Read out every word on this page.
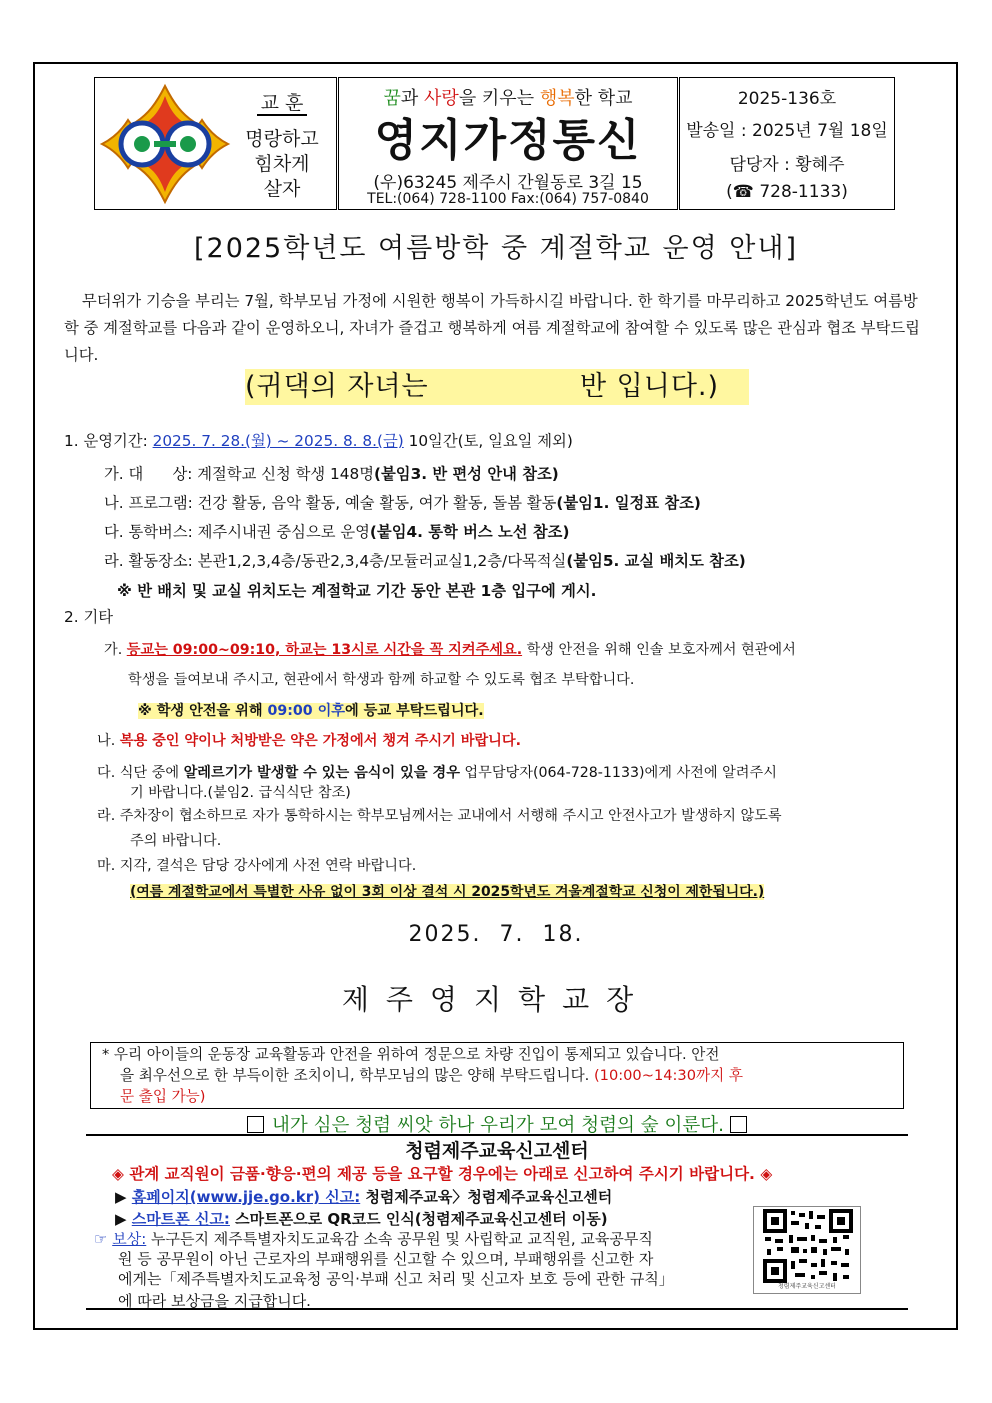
교 훈
명랑하고
힘차게
살자
꿈과 사랑을 키우는 행복한 학교
영지가정통신
(우)63245 제주시 간월동로 3길 15
TEL:(064) 728-1100 Fax:(064) 757-0840
2025-136호
발송일 : 2025년 7월 18일
담당자 : 황혜주
(☎ 728-1133)
[2025학년도 여름방학 중 계절학교 운영 안내]
무더위가 기승을 부리는 7월, 학부모님 가정에 시원한 행복이 가득하시길 바랍니다. 한 학기를 마무리하고 2025학년도 여름방학 중 계절학교를 다음과 같이 운영하오니, 자녀가 즐겁고 행복하게 여름 계절학교에 참여할 수 있도록 많은 관심과 협조 부탁드립니다.
(귀댁의 자녀는	반 입니다.)
1. 운영기간: 2025. 7. 28.(월) ~ 2025. 8. 8.(금) 10일간(토, 일요일 제외)
가. 대      상: 계절학교 신청 학생 148명(붙임3. 반 편성 안내 참조)
나. 프로그램: 건강 활동, 음악 활동, 예술 활동, 여가 활동, 돌봄 활동(붙임1. 일정표 참조)
다. 통학버스: 제주시내권 중심으로 운영(붙임4. 통학 버스 노선 참조)
라. 활동장소: 본관1,2,3,4층/동관2,3,4층/모듈러교실1,2층/다목적실(붙임5. 교실 배치도 참조)
※ 반 배치 및 교실 위치도는 계절학교 기간 동안 본관 1층 입구에 게시.
2. 기타
가. 등교는 09:00~09:10, 하교는 13시로 시간을 꼭 지켜주세요. 학생 안전을 위해 인솔 보호자께서 현관에서
학생을 들여보내 주시고, 현관에서 학생과 함께 하교할 수 있도록 협조 부탁합니다.
※ 학생 안전을 위해 09:00 이후에 등교 부탁드립니다.
나. 복용 중인 약이나 처방받은 약은 가정에서 챙겨 주시기 바랍니다.
다. 식단 중에 알레르기가 발생할 수 있는 음식이 있을 경우 업무담당자(064-728-1133)에게 사전에 알려주시
기 바랍니다.(붙임2. 급식식단 참조)
라. 주차장이 협소하므로 자가 통학하시는 학부모님께서는 교내에서 서행해 주시고 안전사고가 발생하지 않도록
주의 바랍니다.
마. 지각, 결석은 담당 강사에게 사전 연락 바랍니다.
(여름 계절학교에서 특별한 사유 없이 3회 이상 결석 시 2025학년도 겨울계절학교 신청이 제한됩니다.)
2025.  7.  18.
제주영지학교장
* 우리 아이들의 운동장 교육활동과 안전을 위하여 정문으로 차량 진입이 통제되고 있습니다. 안전
을 최우선으로 한 부득이한 조치이니, 학부모님의 많은 양해 부탁드립니다. (10:00~14:30까지 후
문 출입 가능)
내가 심은 청렴 씨앗 하나 우리가 모여 청렴의 숲 이룬다.
청렴제주교육신고센터
◈ 관계 교직원이 금품·향응·편의 제공 등을 요구할 경우에는 아래로 신고하여 주시기 바랍니다. ◈
▶ 홈페이지(www.jje.go.kr) 신고: 청렴제주교육〉청렴제주교육신고센터
▶ 스마트폰 신고: 스마트폰으로 QR코드 인식(청렴제주교육신고센터 이동)
☞ 보상: 누구든지 제주특별자치도교육감 소속 공무원 및 사립학교 교직원, 교육공무직
원 등 공무원이 아닌 근로자의 부패행위를 신고할 수 있으며, 부패행위를 신고한 자
에게는「제주특별자치도교육청 공익·부패 신고 처리 및 신고자 보호 등에 관한 규칙」
에 따라 보상금을 지급합니다.
청렴제주교육신고센터
